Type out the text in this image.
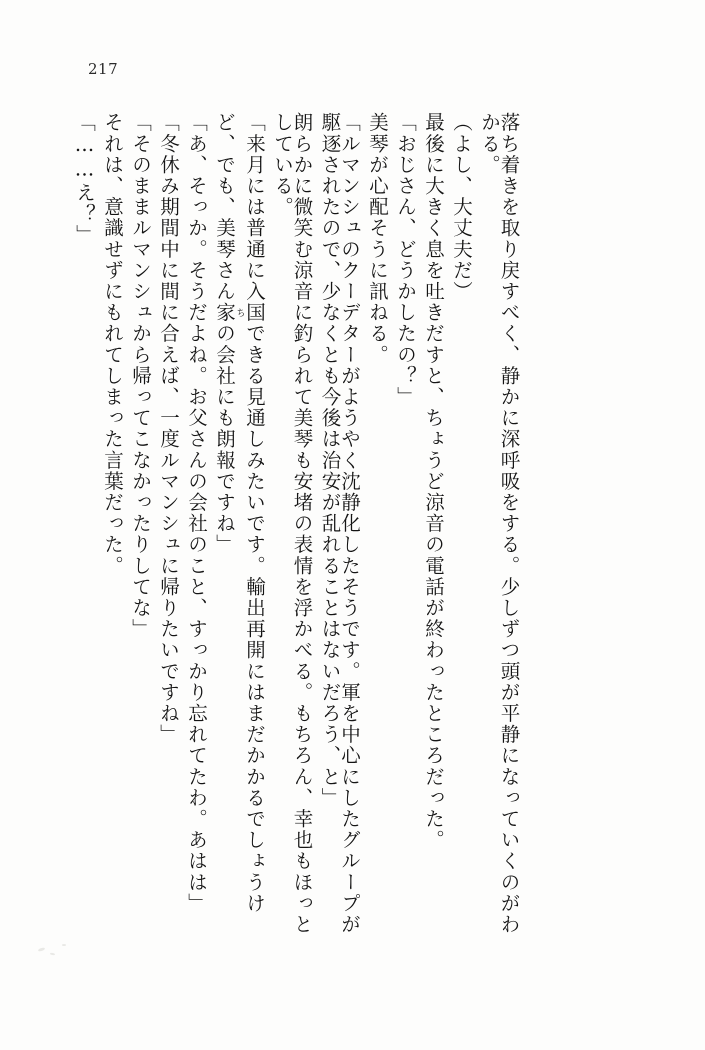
217
「……え？」 それは、意識せずにもれてしまった言葉だった。 「そのままルマンシュから帰ってこなかったりしてな」 「冬休み期間中に間に合えば、一度ルマンシュに帰りたいですね」 「あ、そっか。そうだよね。お父さんの会社のこと、すっかり忘れてたわ。あはは」	「来月には普通に入国できる見通しみたいです。輸出再開にはまだかかるでしょうけど、でも、美琴さん家ちの会社にも朗報ですね」	朗らかに微笑む涼音に釣られて美琴も安堵の表情を浮かべる。もちろん、幸也もほっとしている。	「ルマンシュのクーデターがようやく沈静化したそうです。軍を中心にしたグループが駆逐されたので、少なくとも今後は治安が乱れることはないだろう、と」	美琴が心配そうに訊ねる。 「おじさん、どうかしたの？」 最後に大きく息を吐きだすと、ちょうど涼音の電話が終わったところだった。 （よし、大丈夫だ）	落ち着きを取り戻すべく、静かに深呼吸をする。少しずつ頭が平静になっていくのがわかる。
